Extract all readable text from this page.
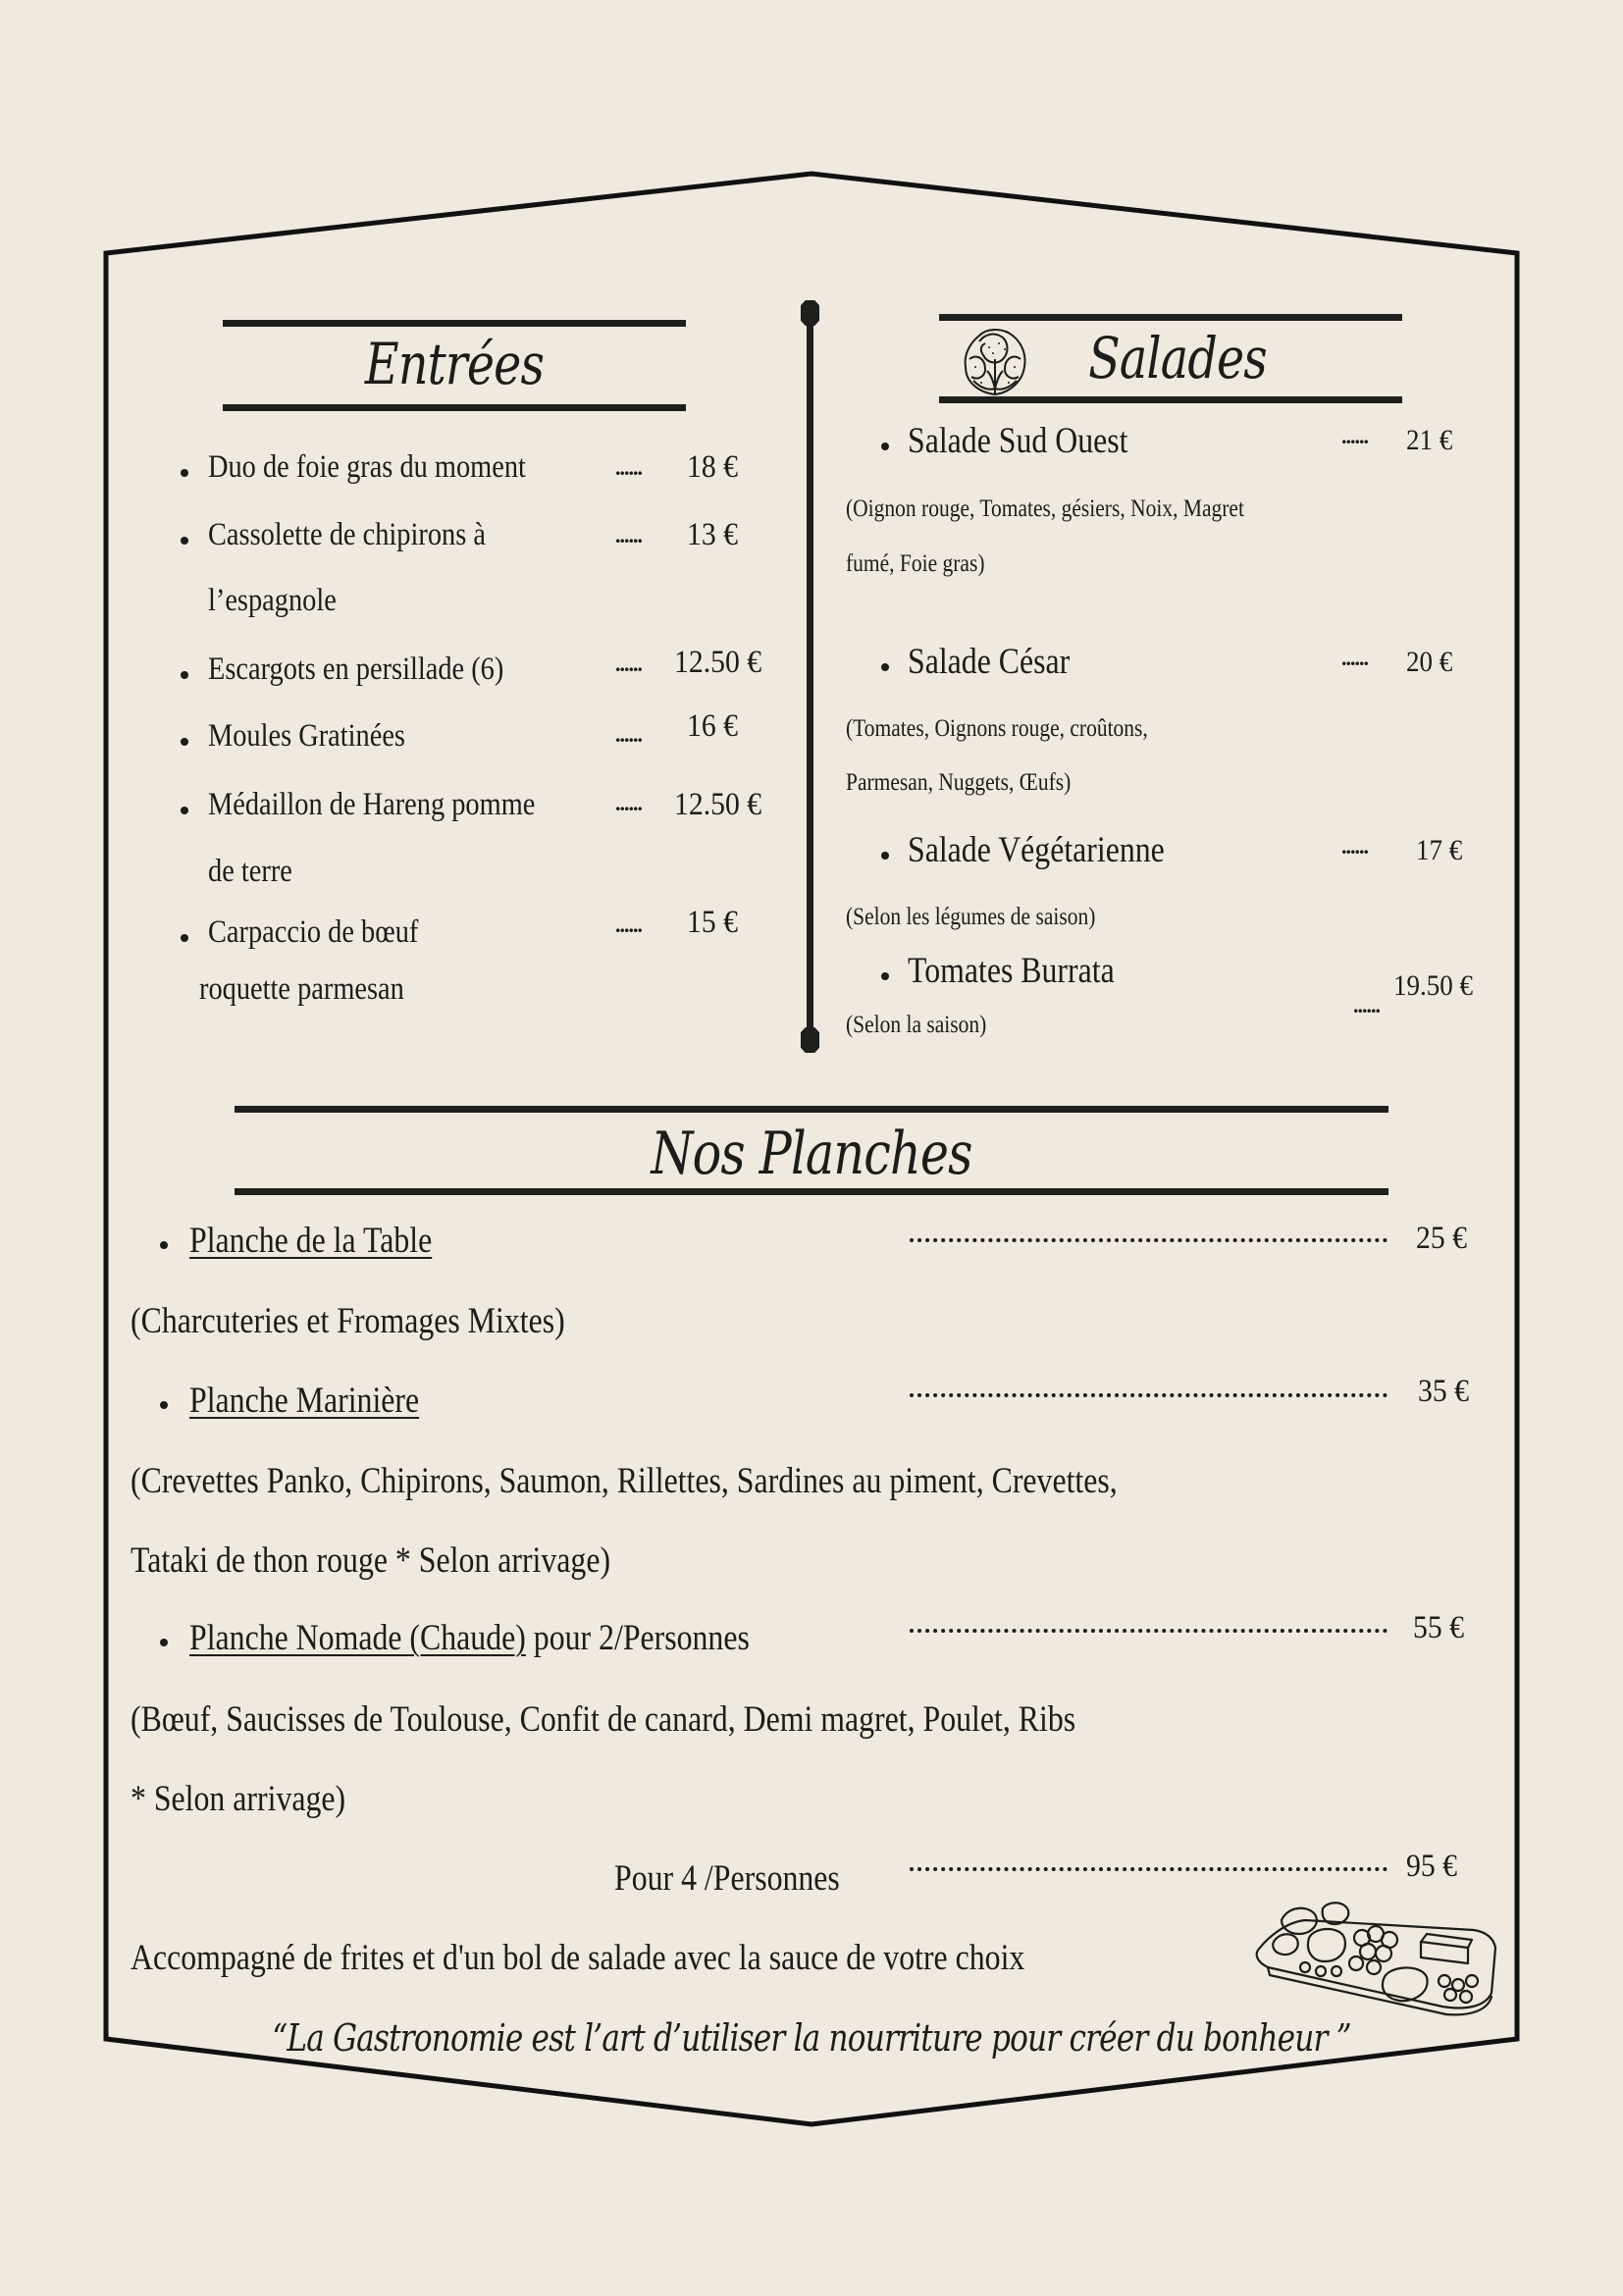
Entrées
Duo de foie gras du moment	...... 18 €
Cassolette de chipirons à
l’espagnole
...... 13 €
Escargots en persillade (6)	...... 12.50 €
Moules Gratinées	...... 16 €
Médaillon de Hareng pomme
de terre
...... 12.50 €
Carpaccio de bœuf
roquette parmesan
...... 15 €
Salades
Salade Sud Ouest	...... 21 €
(Oignon rouge, Tomates, gésiers, Noix, Magret
fumé, Foie gras)
Salade César	...... 20 €
(Tomates, Oignons rouge, croûtons,
Parmesan, Nuggets, Œufs)
Salade Végétarienne	...... 17 €
(Selon les légumes de saison)
Tomates Burrata
......
19.50 €
(Selon la saison)
Nos Planches
Planche de la Table	25 €
(Charcuteries et Fromages Mixtes)
Planche Marinière	35 €
(Crevettes Panko, Chipirons, Saumon, Rillettes, Sardines au piment, Crevettes,
Tataki de thon rouge * Selon arrivage)
Planche Nomade (Chaude) pour 2/Personnes	55 €
(Bœuf, Saucisses de Toulouse, Confit de canard, Demi magret, Poulet, Ribs
* Selon arrivage)
Pour 4 /Personnes	95 €
Accompagné de frites et d'un bol de salade avec la sauce de votre choix
“La Gastronomie est l’art d’utiliser la nourriture pour créer du bonheur ”
